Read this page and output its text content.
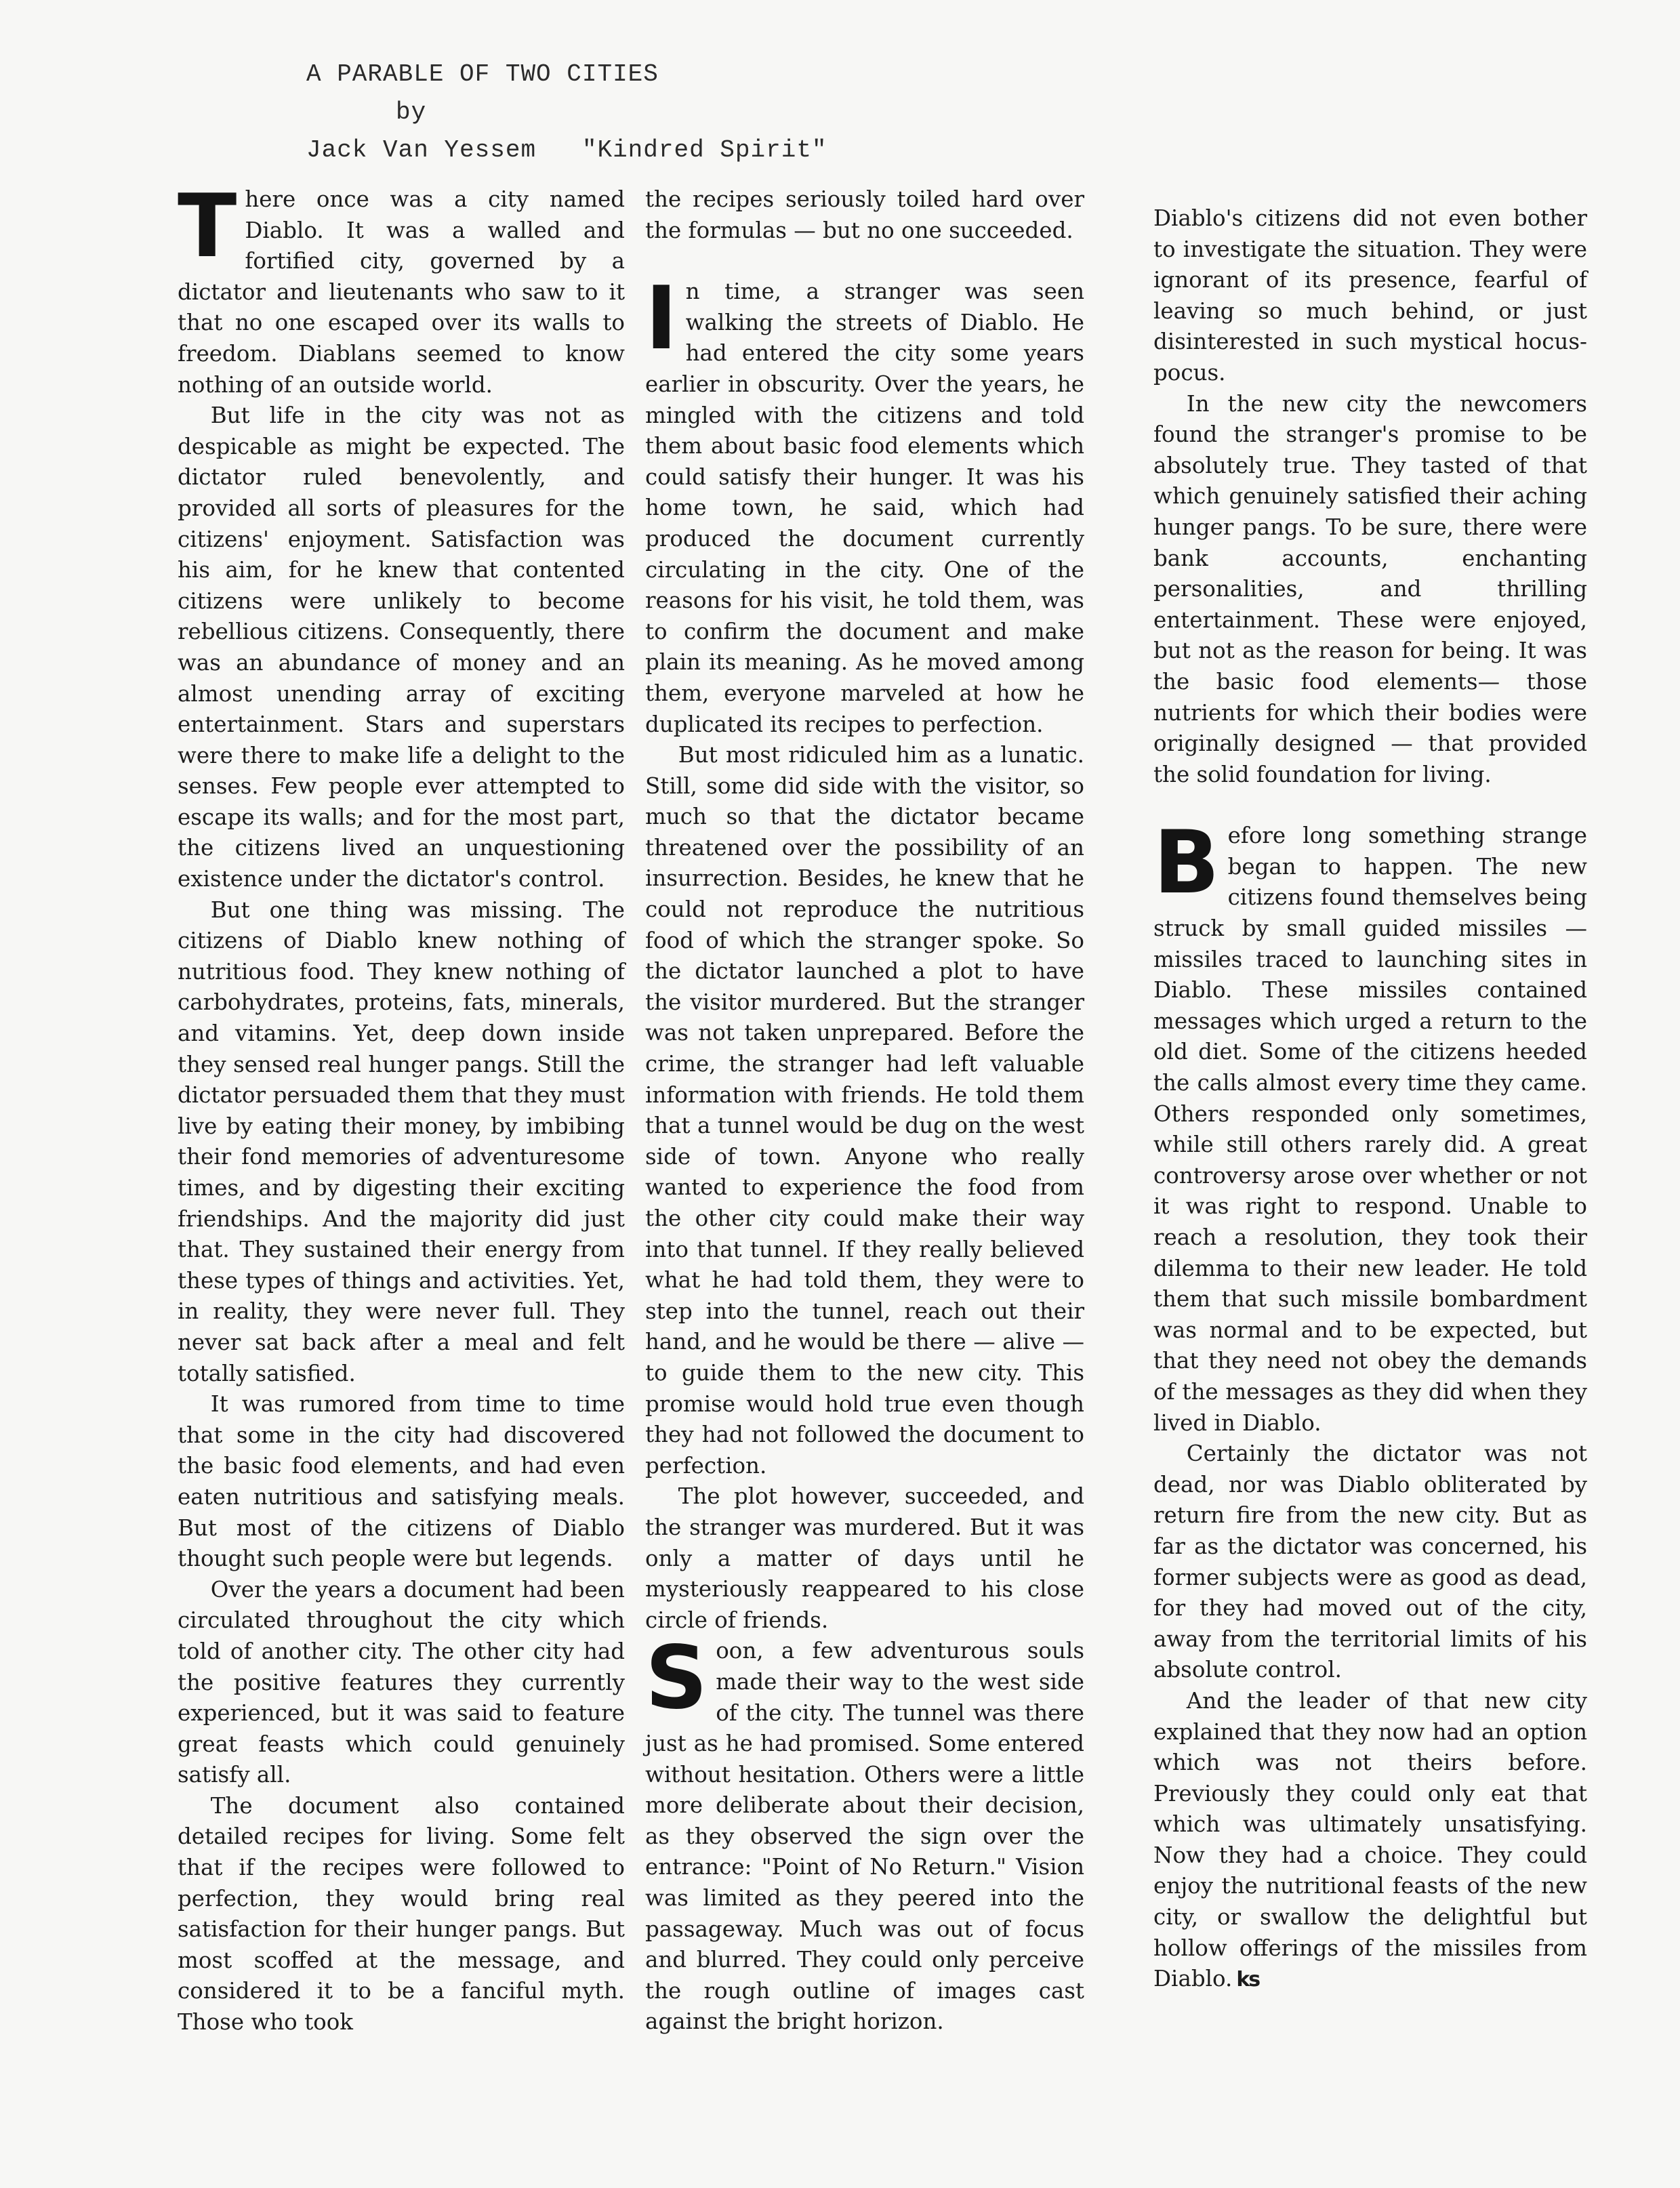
A PARABLE OF TWO CITIES
by
Jack Van Yessem   "Kindred Spirit"

There once was a city named Diablo. It was a walled and fortified city, governed by a dictator and lieutenants who saw to it that no one escaped over its walls to freedom. Diablans seemed to know nothing of an outside world.

But life in the city was not as despicable as might be expected. The dictator ruled benevolently, and provided all sorts of pleasures for the citizens' enjoyment. Satisfaction was his aim, for he knew that contented citizens were unlikely to become rebellious citizens. Consequently, there was an abundance of money and an almost unending array of exciting entertainment. Stars and superstars were there to make life a delight to the senses. Few people ever attempted to escape its walls; and for the most part, the citizens lived an unquestioning existence under the dictator's control.

But one thing was missing. The citizens of Diablo knew nothing of nutritious food. They knew nothing of carbohydrates, proteins, fats, minerals, and vitamins. Yet, deep down inside they sensed real hunger pangs. Still the dictator persuaded them that they must live by eating their money, by imbibing their fond memories of adventuresome times, and by digesting their exciting friendships. And the majority did just that. They sustained their energy from these types of things and activities. Yet, in reality, they were never full. They never sat back after a meal and felt totally satisfied.

It was rumored from time to time that some in the city had discovered the basic food elements, and had even eaten nutritious and satisfying meals. But most of the citizens of Diablo thought such people were but legends.

Over the years a document had been circulated throughout the city which told of another city. The other city had the positive features they currently experienced, but it was said to feature great feasts which could genuinely satisfy all.

The document also contained detailed recipes for living. Some felt that if the recipes were followed to perfection, they would bring real satisfaction for their hunger pangs. But most scoffed at the message, and considered it to be a fanciful myth. Those who took

the recipes seriously toiled hard over the formulas — but no one succeeded.

In time, a stranger was seen walking the streets of Diablo. He had entered the city some years earlier in obscurity. Over the years, he mingled with the citizens and told them about basic food elements which could satisfy their hunger. It was his home town, he said, which had produced the document currently circulating in the city. One of the reasons for his visit, he told them, was to confirm the document and make plain its meaning. As he moved among them, everyone marveled at how he duplicated its recipes to perfection.

But most ridiculed him as a lunatic. Still, some did side with the visitor, so much so that the dictator became threatened over the possibility of an insurrection. Besides, he knew that he could not reproduce the nutritious food of which the stranger spoke. So the dictator launched a plot to have the visitor murdered. But the stranger was not taken unprepared. Before the crime, the stranger had left valuable information with friends. He told them that a tunnel would be dug on the west side of town. Anyone who really wanted to experience the food from the other city could make their way into that tunnel. If they really believed what he had told them, they were to step into the tunnel, reach out their hand, and he would be there — alive — to guide them to the new city. This promise would hold true even though they had not followed the document to perfection.

The plot however, succeeded, and the stranger was murdered. But it was only a matter of days until he mysteriously reappeared to his close circle of friends.

Soon, a few adventurous souls made their way to the west side of the city. The tunnel was there just as he had promised. Some entered without hesitation. Others were a little more deliberate about their decision, as they observed the sign over the entrance: "Point of No Return." Vision was limited as they peered into the passageway. Much was out of focus and blurred. They could only perceive the rough outline of images cast against the bright horizon.

Diablo's citizens did not even bother to investigate the situation. They were ignorant of its presence, fearful of leaving so much behind, or just disinterested in such mystical hocus-pocus.

In the new city the newcomers found the stranger's promise to be absolutely true. They tasted of that which genuinely satisfied their aching hunger pangs. To be sure, there were bank accounts, enchanting personalities, and thrilling entertainment. These were enjoyed, but not as the reason for being. It was the basic food elements— those nutrients for which their bodies were originally designed — that provided the solid foundation for living.

Before long something strange began to happen. The new citizens found themselves being struck by small guided missiles — missiles traced to launching sites in Diablo. These missiles contained messages which urged a return to the old diet. Some of the citizens heeded the calls almost every time they came. Others responded only sometimes, while still others rarely did. A great controversy arose over whether or not it was right to respond. Unable to reach a resolution, they took their dilemma to their new leader. He told them that such missile bombardment was normal and to be expected, but that they need not obey the demands of the messages as they did when they lived in Diablo.

Certainly the dictator was not dead, nor was Diablo obliterated by return fire from the new city. But as far as the dictator was concerned, his former subjects were as good as dead, for they had moved out of the city, away from the territorial limits of his absolute control.

And the leader of that new city explained that they now had an option which was not theirs before. Previously they could only eat that which was ultimately unsatisfying. Now they had a choice. They could enjoy the nutritional feasts of the new city, or swallow the delightful but hollow offerings of the missiles from Diablo. ks
